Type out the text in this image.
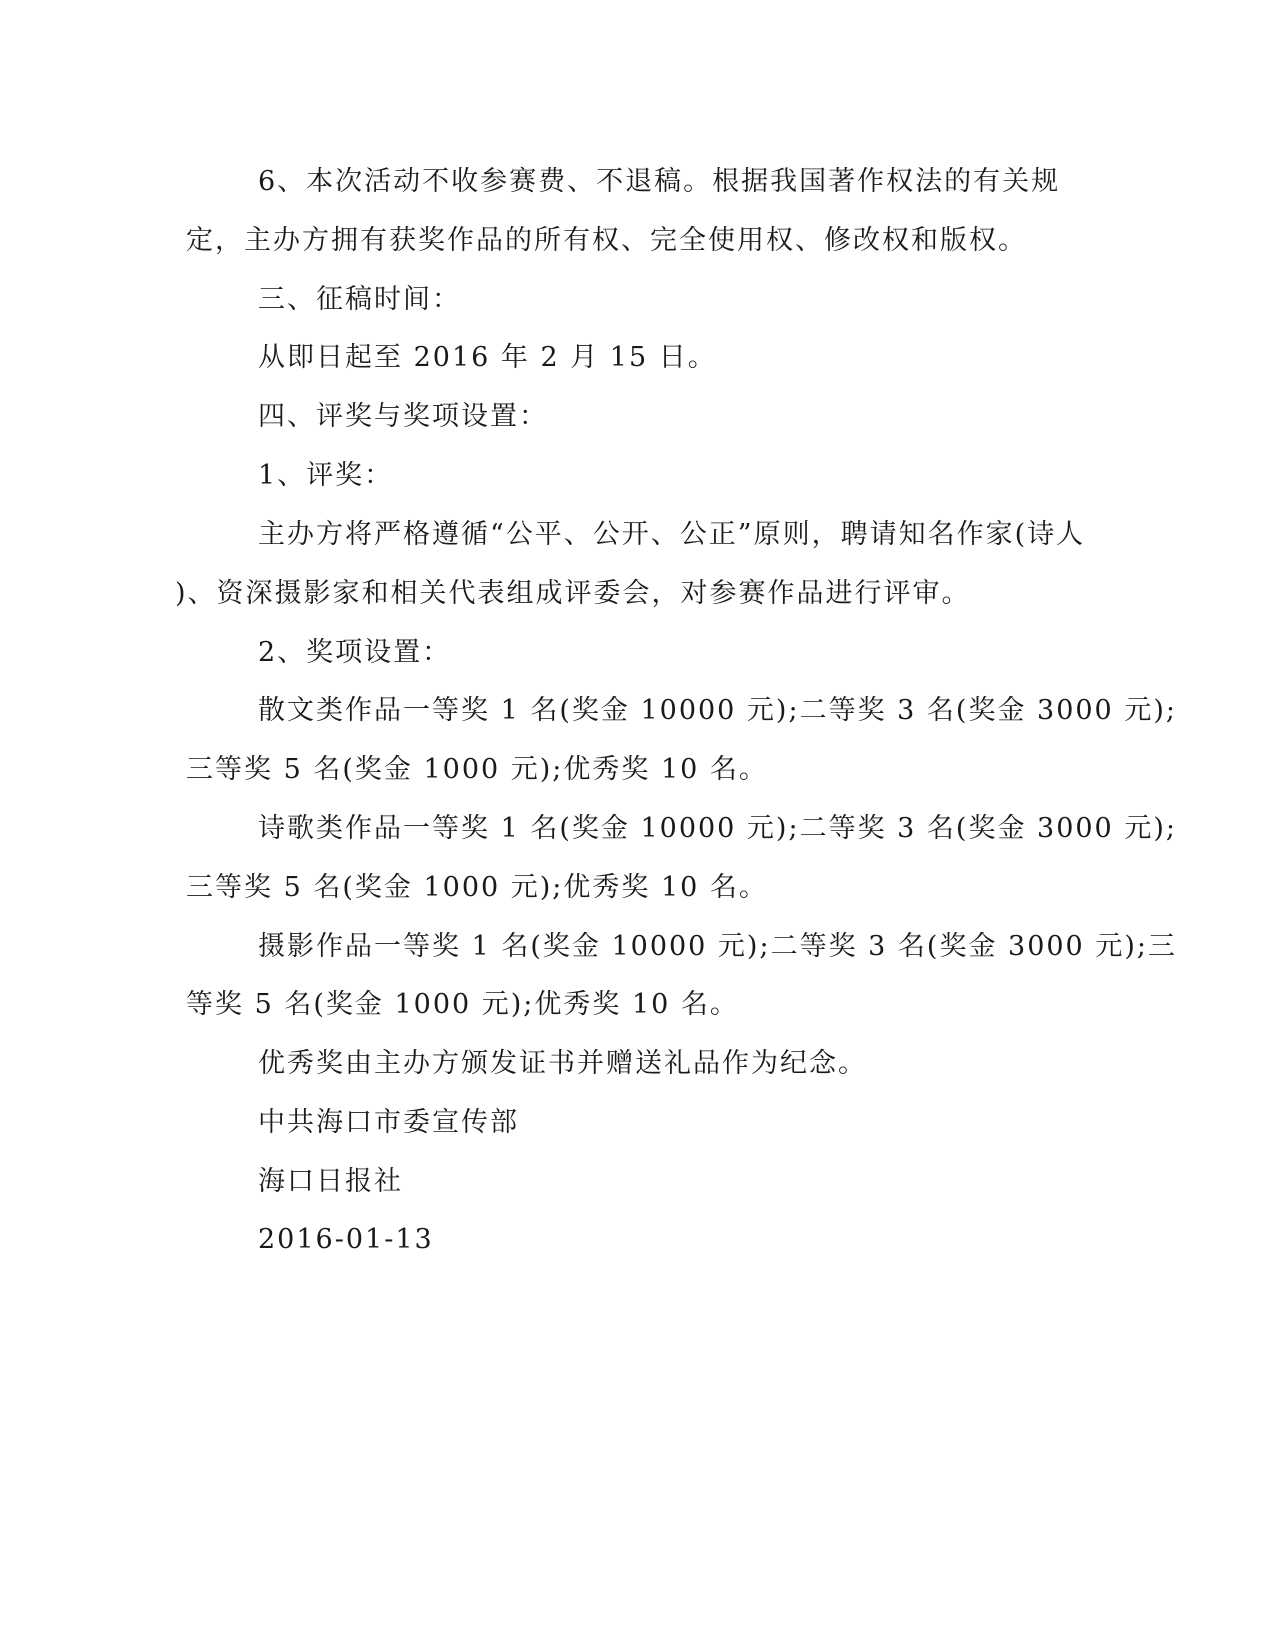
6、本次活动不收参赛费、不退稿。根据我国著作权法的有关规
定，主办方拥有获奖作品的所有权、完全使用权、修改权和版权。
三、征稿时间：
从即日起至 2016 年 2 月 15 日。
四、评奖与奖项设置：
1、评奖：
主办方将严格遵循“公平、公开、公正”原则，聘请知名作家(诗人
)、资深摄影家和相关代表组成评委会，对参赛作品进行评审。
2、奖项设置：
散文类作品一等奖 1 名(奖金 10000 元);二等奖 3 名(奖金 3000 元);
三等奖 5 名(奖金 1000 元);优秀奖 10 名。
诗歌类作品一等奖 1 名(奖金 10000 元);二等奖 3 名(奖金 3000 元);
三等奖 5 名(奖金 1000 元);优秀奖 10 名。
摄影作品一等奖 1 名(奖金 10000 元);二等奖 3 名(奖金 3000 元);三
等奖 5 名(奖金 1000 元);优秀奖 10 名。
优秀奖由主办方颁发证书并赠送礼品作为纪念。
中共海口市委宣传部
海口日报社
2016-01-13
